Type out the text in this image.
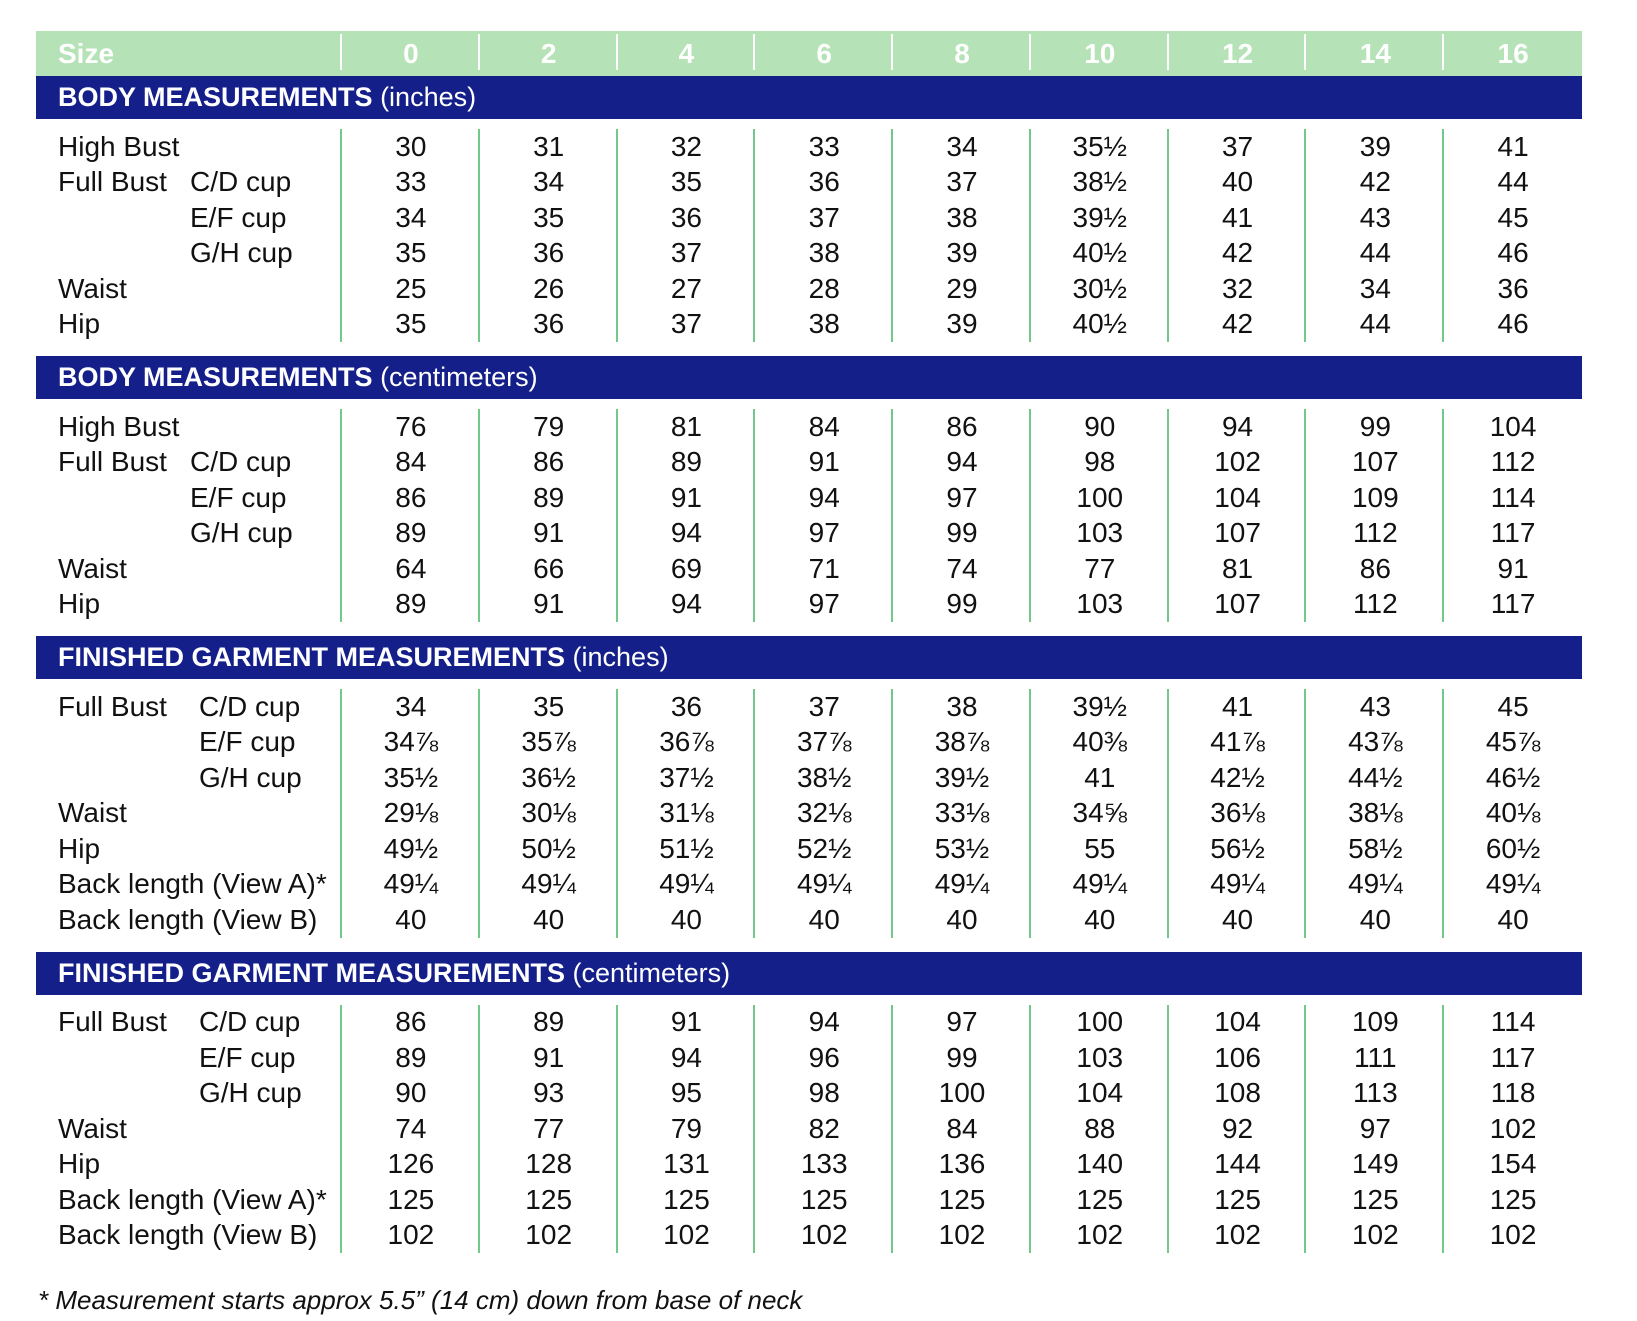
Size	0	2	4	6	8	10	12	14	16
BODY MEASUREMENTS (inches)
High Bust	30	31	32	33	34	35½	37	39	41
Full Bust C/D cup	33	34	35	36	37	38½	40	42	44
E/F cup	34	35	36	37	38	39½	41	43	45
G/H cup	35	36	37	38	39	40½	42	44	46
Waist	25	26	27	28	29	30½	32	34	36
Hip	35	36	37	38	39	40½	42	44	46
BODY MEASUREMENTS (centimeters)
High Bust	76	79	81	84	86	90	94	99	104
Full Bust C/D cup	84	86	89	91	94	98	102	107	112
E/F cup	86	89	91	94	97	100	104	109	114
G/H cup	89	91	94	97	99	103	107	112	117
Waist	64	66	69	71	74	77	81	86	91
Hip	89	91	94	97	99	103	107	112	117
FINISHED GARMENT MEASUREMENTS (inches)
Full Bust	C/D cup	34	35	36	37	38	39½	41	43	45
E/F cup	34⅞	35⅞	36⅞	37⅞	38⅞	40⅜	41⅞	43⅞	45⅞
G/H cup	35½	36½	37½	38½	39½	41	42½	44½	46½
Waist	29⅛	30⅛	31⅛	32⅛	33⅛	34⅝	36⅛	38⅛	40⅛
Hip	49½	50½	51½	52½	53½	55	56½	58½	60½
Back length (View A)*	49¼	49¼	49¼	49¼	49¼	49¼	49¼	49¼	49¼
Back length (View B)	40	40	40	40	40	40	40	40	40
FINISHED GARMENT MEASUREMENTS (centimeters)
Full Bust	C/D cup	86	89	91	94	97	100	104	109	114
E/F cup	89	91	94	96	99	103	106	111	117
G/H cup	90	93	95	98	100	104	108	113	118
Waist	74	77	79	82	84	88	92	97	102
Hip	126	128	131	133	136	140	144	149	154
Back length (View A)*	125	125	125	125	125	125	125	125	125
Back length (View B)	102	102	102	102	102	102	102	102	102
* Measurement starts approx 5.5” (14 cm) down from base of neck
